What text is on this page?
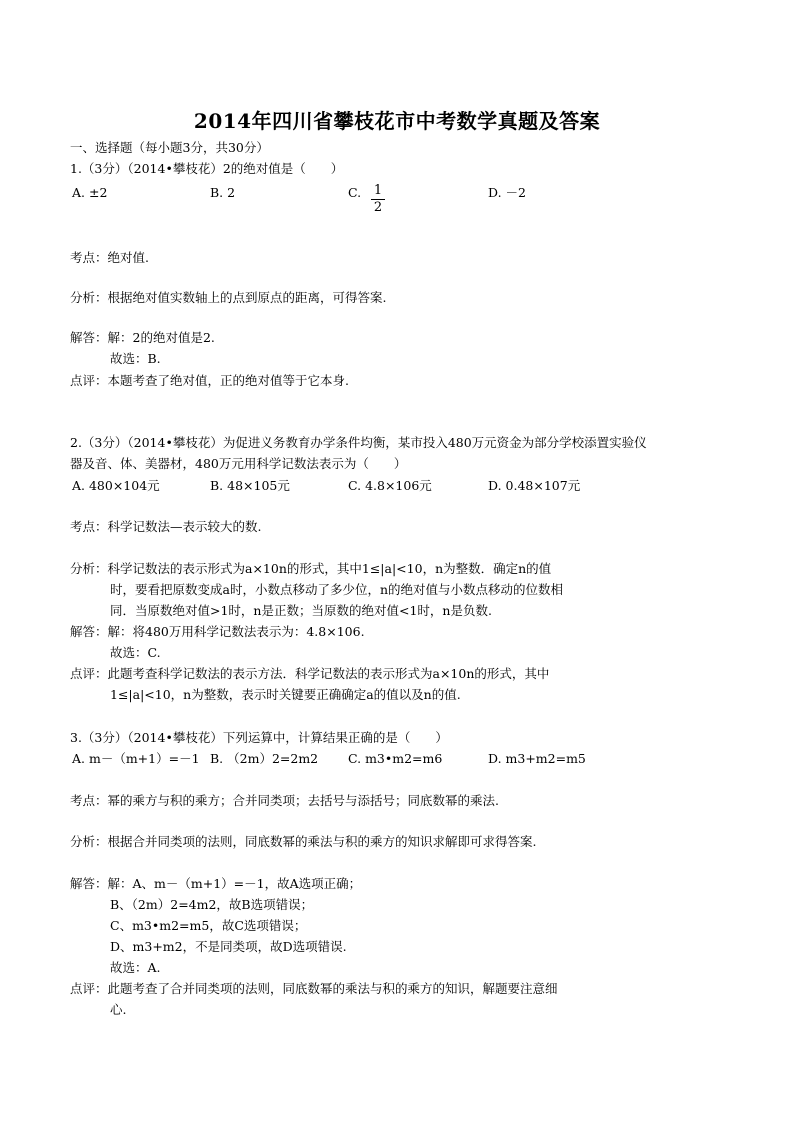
2014年四川省攀枝花市中考数学真题及答案
一、选择题（每小题3分，共30分）
1.（3分）（2014•攀枝花）2的绝对值是（　　）
A. ±2	B. 2	C. 1
2
D. －2
考点：绝对值.
分析：根据绝对值实数轴上的点到原点的距离，可得答案.
解答：解：2的绝对值是2.
故选：B.
点评：本题考查了绝对值，正的绝对值等于它本身.
2.（3分）（2014•攀枝花）为促进义务教育办学条件均衡，某市投入480万元资金为部分学校添置实验仪
器及音、体、美器材，480万元用科学记数法表示为（　　）
A. 480×104元	B. 48×105元	C. 4.8×106元	D. 0.48×107元
考点：科学记数法—表示较大的数.
分析：科学记数法的表示形式为a×10n的形式，其中1≤|a|<10，n为整数．确定n的值
时，要看把原数变成a时，小数点移动了多少位，n的绝对值与小数点移动的位数相
同．当原数绝对值>1时，n是正数；当原数的绝对值<1时，n是负数.
解答：解：将480万用科学记数法表示为：4.8×106.
故选：C.
点评：此题考查科学记数法的表示方法．科学记数法的表示形式为a×10n的形式，其中
1≤|a|<10，n为整数，表示时关键要正确确定a的值以及n的值.
3.（3分）（2014•攀枝花）下列运算中，计算结果正确的是（　　）
A. m－（m+1）=－1 B. （2m）2=2m2 C. m3•m2=m6	D. m3+m2=m5
考点：幂的乘方与积的乘方；合并同类项；去括号与添括号；同底数幂的乘法.
分析：根据合并同类项的法则，同底数幂的乘法与积的乘方的知识求解即可求得答案.
解答：解：A、m－（m+1）=－1，故A选项正确；
B、（2m）2=4m2，故B选项错误；
C、m3•m2=m5，故C选项错误；
D、m3+m2，不是同类项，故D选项错误.
故选：A.
点评：此题考查了合并同类项的法则，同底数幂的乘法与积的乘方的知识，解题要注意细
心.
